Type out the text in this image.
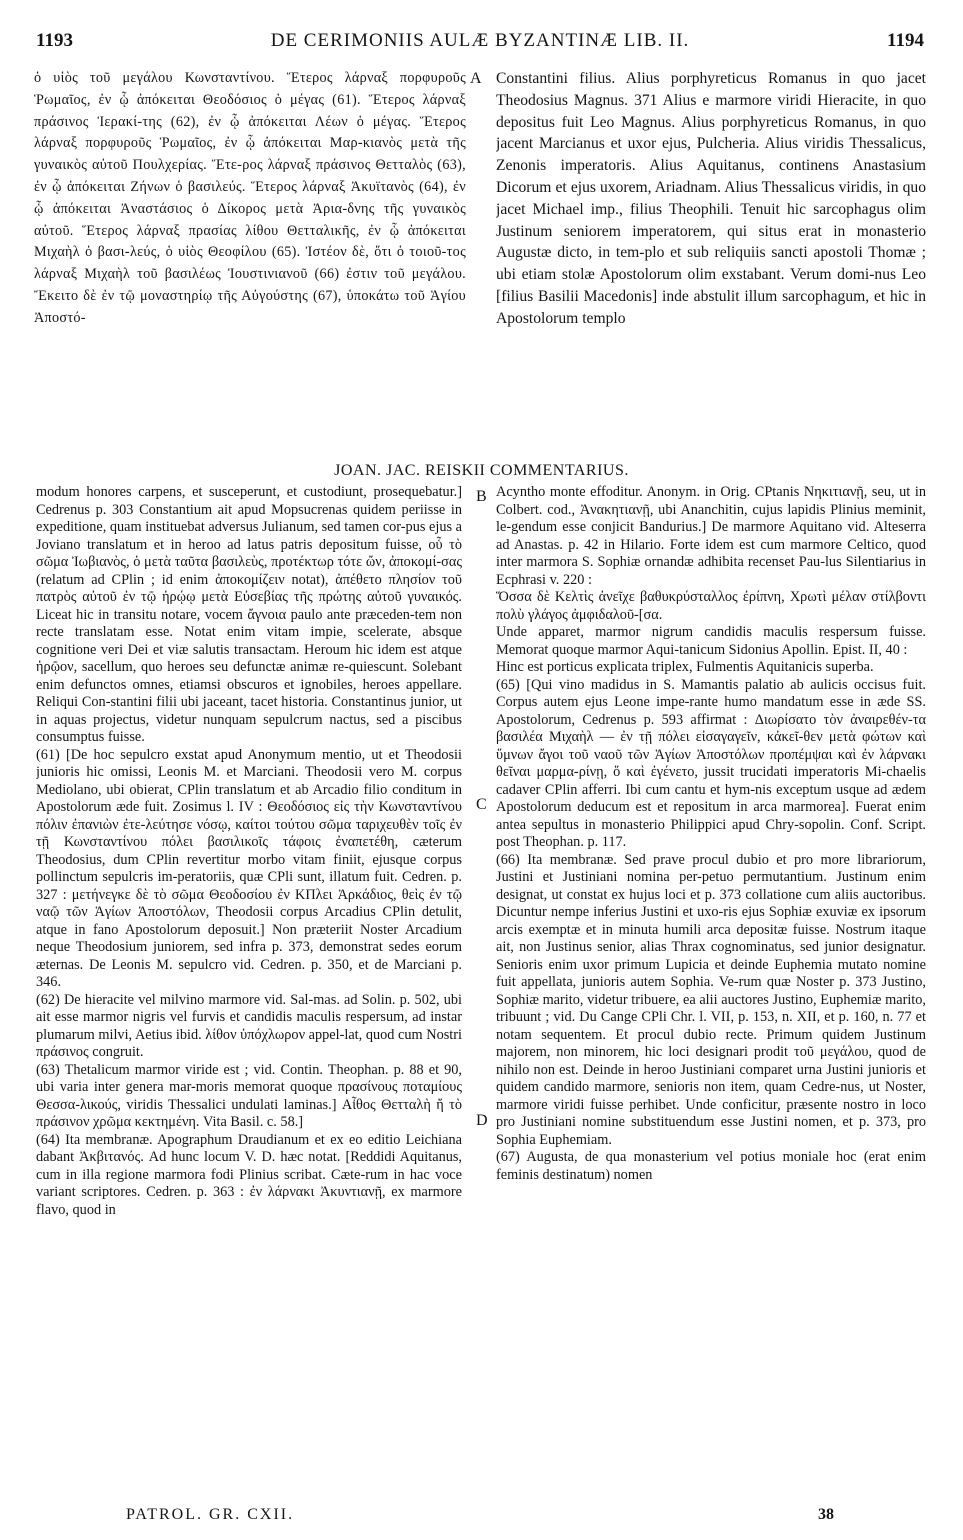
1193	DE CERIMONIIS AULÆ BYZANTINÆ LIB. II.	1194
ὁ υἱὸς τοῦ μεγάλου Κωνσταντίνου. Ἕτερος λάρναξ πορφυροῦς Ῥωμαῖος, ἐν ᾧ ἀπόκειται Θεοδόσιος ὁ μέγας (61). Ἕτερος λάρναξ πράσινος Ἱερακί-της (62), ἐν ᾧ ἀπόκειται Λέων ὁ μέγας. Ἕτερος λάρναξ πορφυροῦς Ῥωμαῖος, ἐν ᾧ ἀπόκειται Μαρ-κιανὸς μετὰ τῆς γυναικὸς αὐτοῦ Πουλχερίας. Ἕτε-ρος λάρναξ πράσινος Θετταλὸς (63), ἐν ᾧ ἀπόκειται Ζήνων ὁ βασιλεύς. Ἕτερος λάρναξ Ἀκυϊτανὸς (64), ἐν ᾧ ἀπόκειται Ἀναστάσιος ὁ Δίκορος μετὰ Ἀρια-δνης τῆς γυναικὸς αὐτοῦ. Ἕτερος λάρναξ πρασίας λίθου Θετταλικῆς, ἐν ᾧ ἀπόκειται Μιχαὴλ ὁ βασι-λεύς, ὁ υἱὸς Θεοφίλου (65). Ἰστέον δὲ, ὅτι ὁ τοιοῦ-τος λάρναξ Μιχαὴλ τοῦ βασιλέως Ἰουστινιανοῦ (66) ἐστιν τοῦ μεγάλου. Ἔκειτο δὲ ἐν τῷ μοναστηρίῳ τῆς Αὐγούστης (67), ὑποκάτω τοῦ Ἁγίου Ἀποστό-
Constantini filius. Alius porphyreticus Romanus in quo jacet Theodosius Magnus. 371 Alius e marmore viridi Hieracite, in quo depositus fuit Leo Magnus. Alius porphyreticus Romanus, in quo jacent Marcianus et uxor ejus, Pulcheria. Alius viridis Thessalicus, Zenonis imperatoris. Alius Aquitanus, continens Anastasium Dicorum et ejus uxorem, Ariadnam. Alius Thessalicus viridis, in quo jacet Michael imp., filius Theophili. Tenuit hic sarcophagus olim Justinum seniorem imperatorem, qui situs erat in monasterio Augustæ dicto, in tem-plo et sub reliquiis sancti apostoli Thomæ ; ubi etiam stolæ Apostolorum olim exstabant. Verum domi-nus Leo [filius Basilii Macedonis] inde abstulit illum sarcophagum, et hic in Apostolorum templo
A
B
C
D
JOAN. JAC. REISKII COMMENTARIUS.
modum honores carpens, et susceperunt, et custodiunt, prosequebatur.] Cedrenus p. 303 Constantium ait apud Mopsucrenas quidem periisse in expeditione, quam instituebat adversus Julianum, sed tamen cor-pus ejus a Joviano translatum et in heroo ad latus patris depositum fuisse, οὗ τὸ σῶμα Ἰωβιανὸς, ὁ μετὰ ταῦτα βασιλεὺς, προτέκτωρ τότε ὤν, ἀποκομί-σας (relatum ad CPlin ; id enim ἀποκομίζειν notat), ἀπέθετο πλησίον τοῦ πατρὸς αὐτοῦ ἐν τῷ ἡρῴῳ μετὰ Εὐσεβίας τῆς πρώτης αὐτοῦ γυναικός. Liceat hic in transitu notare, vocem ἄγνοια paulo ante præceden-tem non recte translatam esse. Notat enim vitam impie, scelerate, absque cognitione veri Dei et viæ salutis transactam. Heroum hic idem est atque ἡρῷον, sacellum, quo heroes seu defunctæ animæ re-quiescunt. Solebant enim defunctos omnes, etiamsi obscuros et ignobiles, heroes appellare. Reliqui Con-stantini filii ubi jaceant, tacet historia. Constantinus junior, ut in aquas projectus, videtur nunquam sepulcrum nactus, sed a piscibus consumptus fuisse.
(61) [De hoc sepulcro exstat apud Anonymum mentio, ut et Theodosii junioris hic omissi, Leonis M. et Marciani. Theodosii vero M. corpus Mediolano, ubi obierat, CPlin translatum et ab Arcadio filio conditum in Apostolorum æde fuit. Zosimus l. IV : Θεοδόσιος εἰς τὴν Κωνσταντίνου πόλιν ἐπανιὼν ἐτε-λεύτησε νόσῳ, καίτοι τούτου σῶμα ταριχευθὲν τοῖς ἐν τῇ Κωνσταντίνου πόλει βασιλικοῖς τάφοις ἐναπετέθη, cæterum Theodosius, dum CPlin revertitur morbo vitam finiit, ejusque corpus pollinctum sepulcris im-peratoriis, quæ CPli sunt, illatum fuit. Cedren. p. 327 : μετήνεγκε δὲ τὸ σῶμα Θεοδοσίου ἐν ΚΠλει Ἀρκάδιος, θεὶς ἐν τῷ ναῷ τῶν Ἁγίων Ἀποστόλων, Theodosii corpus Arcadius CPlin detulit, atque in fano Apostolorum deposuit.] Non præteriit Noster Arcadium neque Theodosium juniorem, sed infra p. 373, demonstrat sedes eorum æternas. De Leonis M. sepulcro vid. Cedren. p. 350, et de Marciani p. 346.
(62) De hieracite vel milvino marmore vid. Sal-mas. ad Solin. p. 502, ubi ait esse marmor nigris vel furvis et candidis maculis respersum, ad instar plumarum milvi, Aetius ibid. λίθον ὑπόχλωρον appel-lat, quod cum Nostri πράσινος congruit.
(63) Thetalicum marmor viride est ; vid. Contin. Theophan. p. 88 et 90, ubi varia inter genera mar-moris memorat quoque πρασίνους ποταμίους Θεσσα-λικούς, viridis Thessalici undulati laminas.] Αἶθος Θετταλὴ ἤ τὸ πράσινον χρῶμα κεκτημένη. Vita Basil. c. 58.]
(64) Ita membranæ. Apographum Draudianum et ex eo editio Leichiana dabant Ἀκβιτανός. Ad hunc locum V. D. hæc notat. [Reddidi Aquitanus, cum in illa regione marmora fodi Plinius scribat. Cæte-rum in hac voce variant scriptores. Cedren. p. 363 : ἐν λάρνακι Ἀκυντιανῇ, ex marmore flavo, quod in
Acyntho monte effoditur. Anonym. in Orig. CPtanis Νηκιτιανῇ, seu, ut in Colbert. cod., Ἀνακητιανῇ, ubi Ananchitin, cujus lapidis Plinius meminit, le-gendum esse conjicit Bandurius.] De marmore Aquitano vid. Alteserra ad Anastas. p. 42 in Hilario. Forte idem est cum marmore Celtico, quod inter marmora S. Sophiæ ornandæ adhibita recenset Pau-lus Silentiarius in Ecphrasi v. 220 :
Ὅσσα δὲ Κελτὶς ἀνεῖχε βαθυκρύσταλλος ἐρίπνη, Χρωτὶ μέλαν στίλβοντι πολὺ γλάγος ἀμφιδαλοῦ-[σα.
Unde apparet, marmor nigrum candidis maculis respersum fuisse. Memorat quoque marmor Aqui-tanicum Sidonius Apollin. Epist. II, 40 :
Hinc est porticus explicata triplex, Fulmentis Aquitanicis superba.
(65) [Qui vino madidus in S. Mamantis palatio ab aulicis occisus fuit. Corpus autem ejus Leone impe-rante humo mandatum esse in æde SS. Apostolorum, Cedrenus p. 593 affirmat : Διωρίσατο τὸν ἀναιρεθέν-τα βασιλέα Μιχαὴλ — ἐν τῇ πόλει εἰσαγαγεῖν, κἀκεῖ-θεν μετὰ φώτων καὶ ὕμνων ἄγοι τοῦ ναοῦ τῶν Ἁγίων Ἀποστόλων προπέμψαι καὶ ἐν λάρνακι θεῖναι μαρμα-ρίνῃ, ὅ καὶ ἐγένετο, jussit trucidati imperatoris Mi-chaelis cadaver CPlin afferri. Ibi cum cantu et hym-nis exceptum usque ad ædem Apostolorum deducum est et repositum in arca marmorea]. Fuerat enim antea sepultus in monasterio Philippici apud Chry-sopolin. Conf. Script. post Theophan. p. 117.
(66) Ita membranæ. Sed prave procul dubio et pro more librariorum, Justini et Justiniani nomina per-petuo permutantium. Justinum enim designat, ut constat ex hujus loci et p. 373 collatione cum aliis auctoribus. Dicuntur nempe inferius Justini et uxo-ris ejus Sophiæ exuviæ ex ipsorum arcis exemptæ et in minuta humili arca depositæ fuisse. Nostrum itaque ait, non Justinus senior, alias Thrax cognominatus, sed junior designatur. Senioris enim uxor primum Lupicia et deinde Euphemia mutato nomine fuit appellata, junioris autem Sophia. Ve-rum quæ Noster p. 373 Justino, Sophiæ marito, videtur tribuere, ea alii auctores Justino, Euphemiæ marito, tribuunt ; vid. Du Cange CPli Chr. l. VII, p. 153, n. XII, et p. 160, n. 77 et notam sequentem. Et procul dubio recte. Primum quidem Justinum majorem, non minorem, hic loci designari prodit τοῦ μεγάλου, quod de nihilo non est. Deinde in heroo Justiniani comparet urna Justini junioris et quidem candido marmore, senioris non item, quam Cedre-nus, ut Noster, marmore viridi fuisse perhibet. Unde conficitur, præsente nostro in loco pro Justiniani nomine substituendum esse Justini nomen, et p. 373, pro Sophia Euphemiam.
(67) Augusta, de qua monasterium vel potius moniale hoc (erat enim feminis destinatum) nomen
PATROL. GR. CXII.	38
